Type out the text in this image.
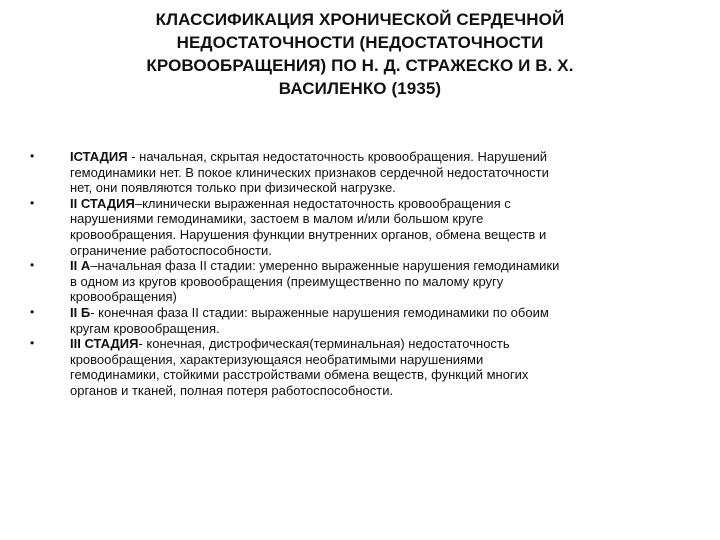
КЛАССИФИКАЦИЯ ХРОНИЧЕСКОЙ СЕРДЕЧНОЙ
НЕДОСТАТОЧНОСТИ (НЕДОСТАТОЧНОСТИ
КРОВООБРАЩЕНИЯ) ПО Н. Д. СТРАЖЕСКО И В. Х.
ВАСИЛЕНКО (1935)
•	IСТАДИЯ - начальная, скрытая недостаточность кровообращения. Нарушений
гемодинамики нет. В покое клинических признаков сердечной недостаточности
нет, они появляются только при физической нагрузке.
•	II СТАДИЯ–клинически выраженная недостаточность кровообращения с
нарушениями гемодинамики, застоем в малом и/или большом круге
кровообращения. Нарушения функции внутренних органов, обмена веществ и
ограничение работоспособности.
•	II А–начальная фаза II стадии: умеренно выраженные нарушения гемодинамики
в одном из кругов кровообращения (преимущественно по малому кругу
кровообращения)
•	II Б- конечная фаза II стадии: выраженные нарушения гемодинамики по обоим
кругам кровообращения.
•	III СТАДИЯ- конечная, дистрофическая(терминальная) недостаточность
кровообращения, характеризующаяся необратимыми нарушениями
гемодинамики, стойкими расстройствами обмена веществ, функций многих
органов и тканей, полная потеря работоспособности.
